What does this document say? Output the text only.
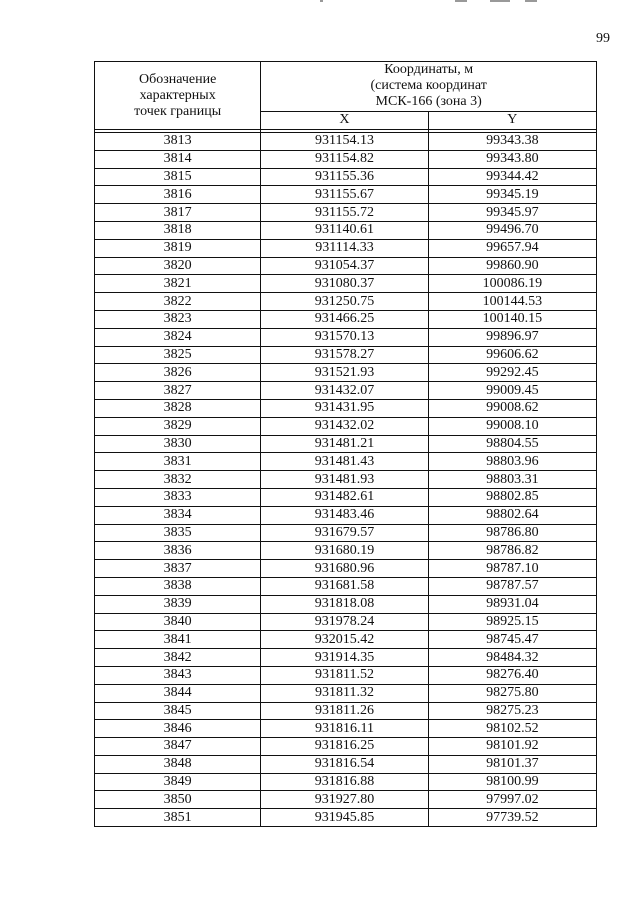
99
Обозначение
характерных
точек границы	Координаты, м
(система координат
МСК-166 (зона 3)	

	X	Y

3813	931154.13	99343.38
3814	931154.82	99343.80
3815	931155.36	99344.42
3816	931155.67	99345.19
3817	931155.72	99345.97
3818	931140.61	99496.70
3819	931114.33	99657.94
3820	931054.37	99860.90
3821	931080.37	100086.19
3822	931250.75	100144.53
3823	931466.25	100140.15
3824	931570.13	99896.97
3825	931578.27	99606.62
3826	931521.93	99292.45
3827	931432.07	99009.45
3828	931431.95	99008.62
3829	931432.02	99008.10
3830	931481.21	98804.55
3831	931481.43	98803.96
3832	931481.93	98803.31
3833	931482.61	98802.85
3834	931483.46	98802.64
3835	931679.57	98786.80
3836	931680.19	98786.82
3837	931680.96	98787.10
3838	931681.58	98787.57
3839	931818.08	98931.04
3840	931978.24	98925.15
3841	932015.42	98745.47
3842	931914.35	98484.32
3843	931811.52	98276.40
3844	931811.32	98275.80
3845	931811.26	98275.23
3846	931816.11	98102.52
3847	931816.25	98101.92
3848	931816.54	98101.37
3849	931816.88	98100.99
3850	931927.80	97997.02
3851	931945.85	97739.52
